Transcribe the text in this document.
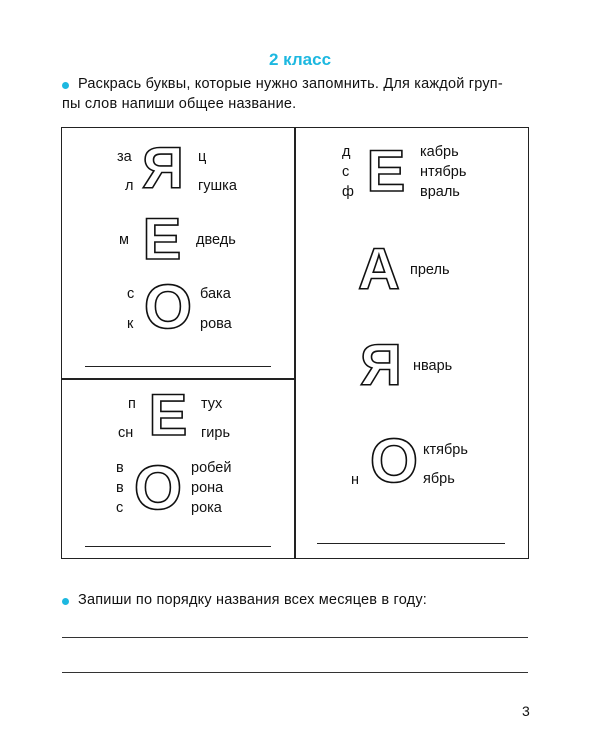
2 класс
Раскрась буквы, которые нужно запомнить. Для каждой груп-
пы слов напиши общее название.
за
л Я ц
гушка
м Е	дведь
с
к О бака
рова
п
сн Е тух
гирь
в
в
с О робей
рона
рока
д
с
ф Е	кабрь
нтябрь
враль
А прель
Я нварь
О
н
ктябрь
ябрь
Запиши по порядку названия всех месяцев в году:
3
